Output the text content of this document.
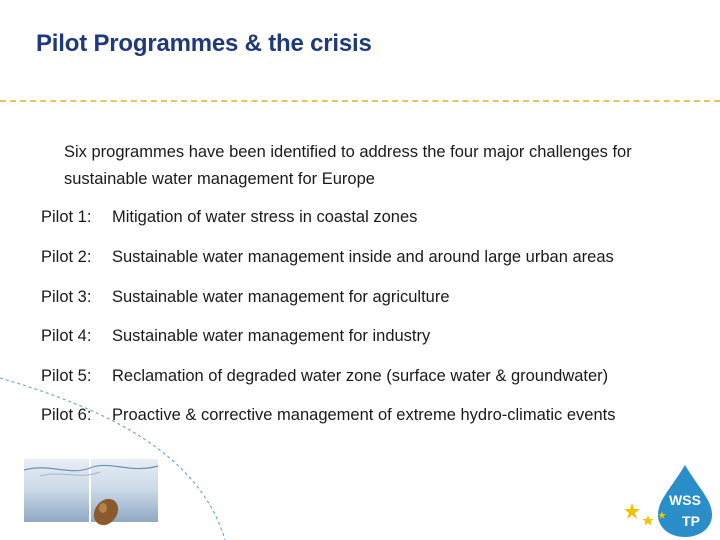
Pilot Programmes & the crisis
Six programmes have been identified to address the four major challenges for sustainable water management for Europe
Pilot 1: Mitigation of water stress in coastal zones
Pilot 2: Sustainable water management inside and around large urban areas
Pilot 3: Sustainable water management for agriculture
Pilot 4: Sustainable water management for industry
Pilot 5: Reclamation of degraded water zone (surface water & groundwater)
Pilot 6: Proactive & corrective management of extreme hydro-climatic events
WSS
TP
